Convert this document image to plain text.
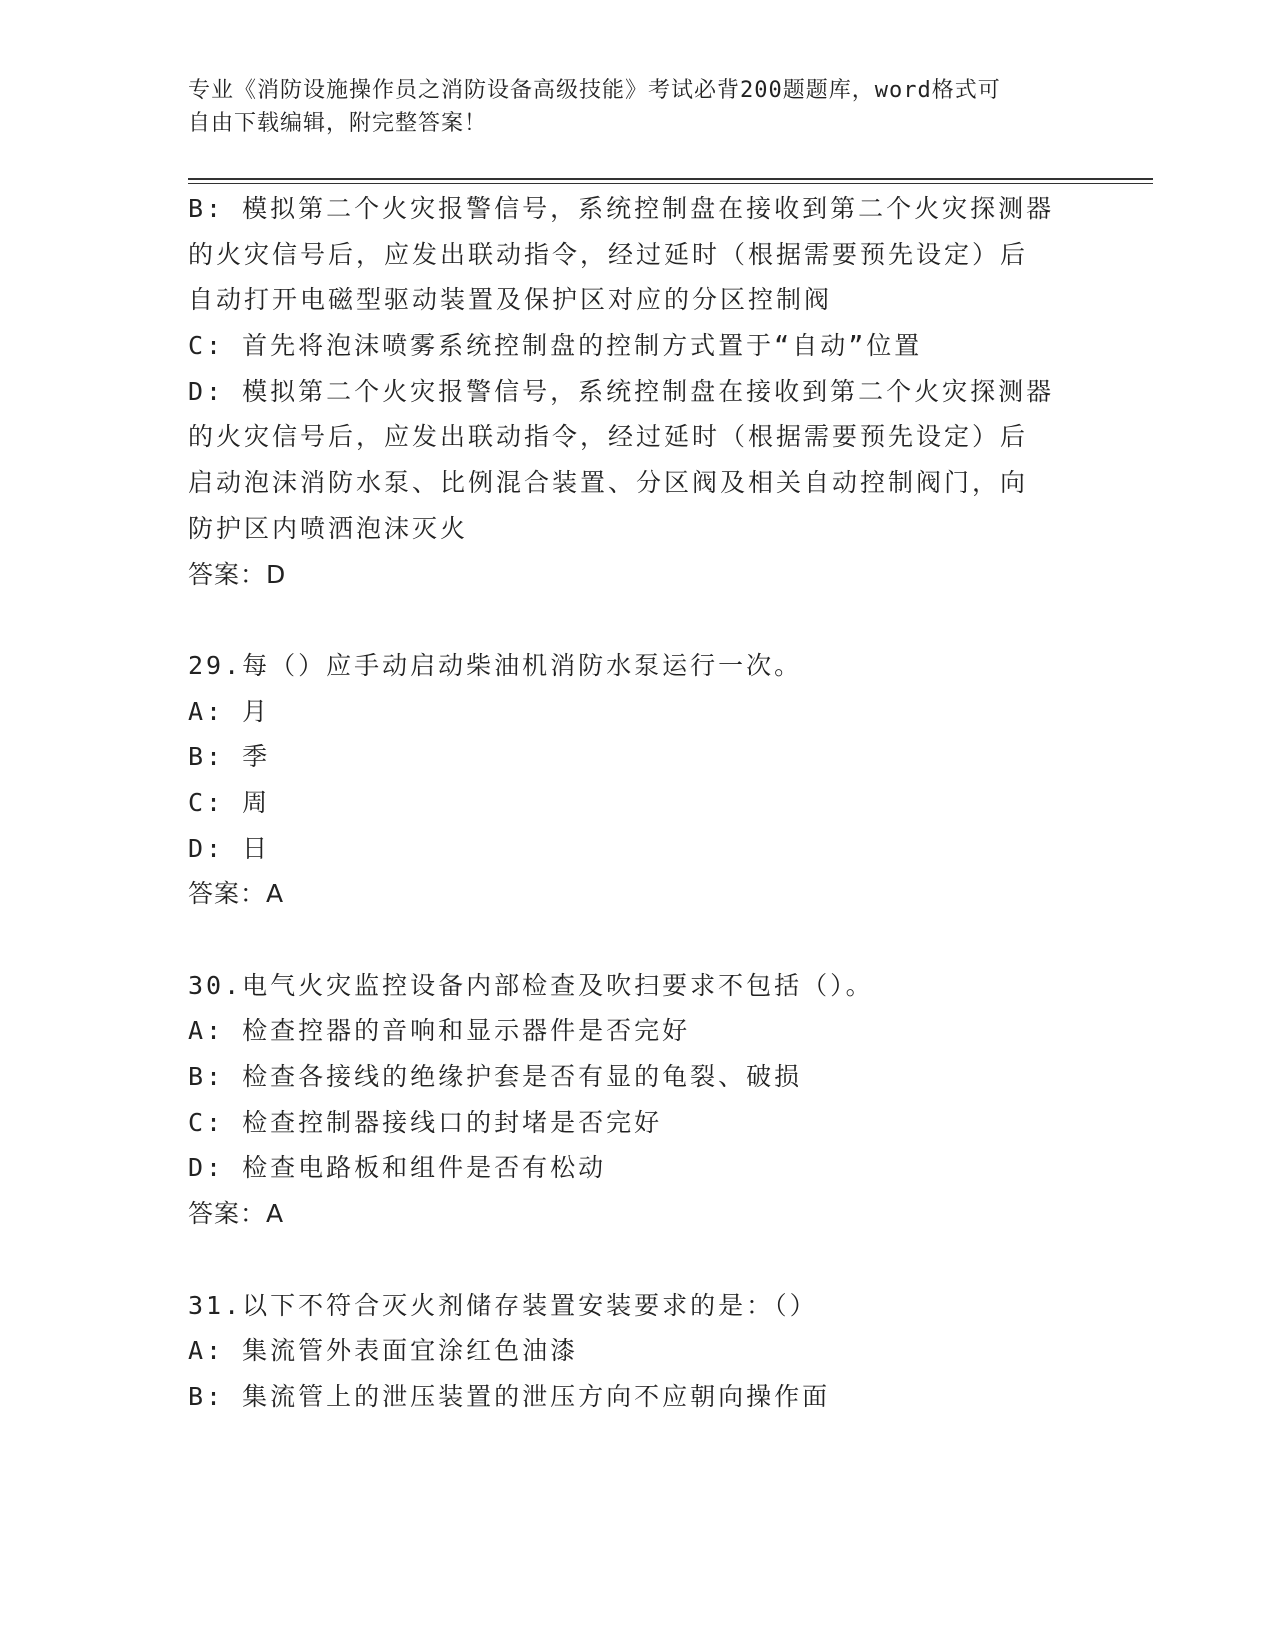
专业《消防设施操作员之消防设备高级技能》考试必背200题题库，word格式可
自由下载编辑，附完整答案！
B: 模拟第二个火灾报警信号，系统控制盘在接收到第二个火灾探测器
的火灾信号后，应发出联动指令，经过延时（根据需要预先设定）后
自动打开电磁型驱动装置及保护区对应的分区控制阀
C: 首先将泡沫喷雾系统控制盘的控制方式置于“自动”位置
D: 模拟第二个火灾报警信号，系统控制盘在接收到第二个火灾探测器
的火灾信号后，应发出联动指令，经过延时（根据需要预先设定）后
启动泡沫消防水泵、比例混合装置、分区阀及相关自动控制阀门，向
防护区内喷洒泡沫灭火
答案：D
29.每（）应手动启动柴油机消防水泵运行一次。
A: 月
B: 季
C: 周
D: 日
答案：A
30.电气火灾监控设备内部检查及吹扫要求不包括（）。
A: 检查控器的音响和显示器件是否完好
B: 检查各接线的绝缘护套是否有显的龟裂、破损
C: 检查控制器接线口的封堵是否完好
D: 检查电路板和组件是否有松动
答案：A
31.以下不符合灭火剂储存装置安装要求的是：（）
A: 集流管外表面宜涂红色油漆
B: 集流管上的泄压装置的泄压方向不应朝向操作面
